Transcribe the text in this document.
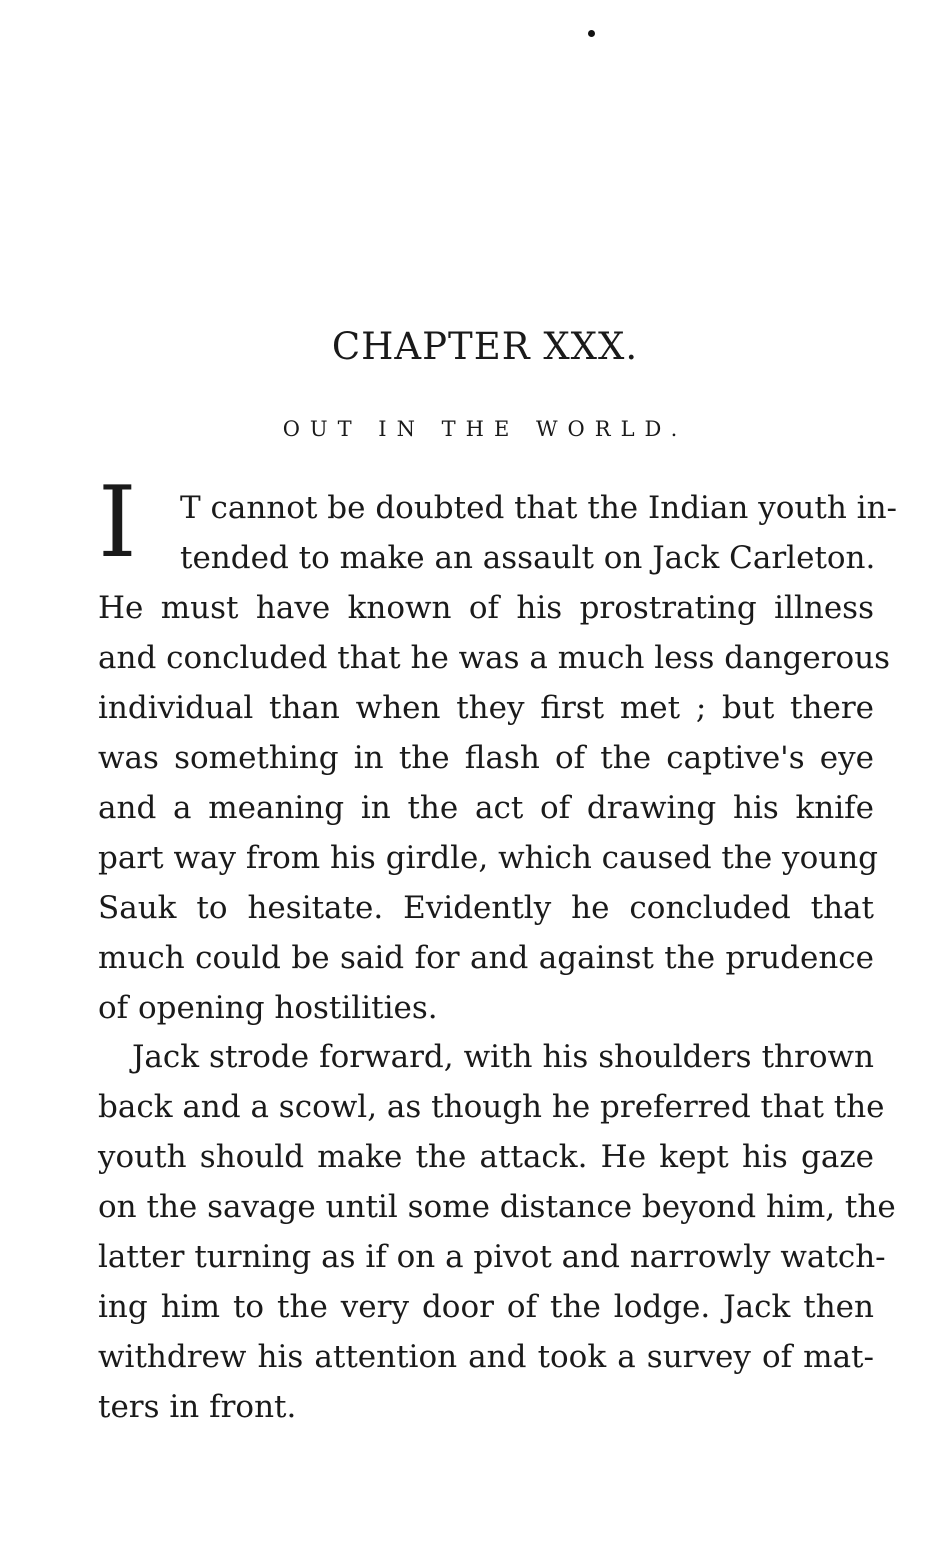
CHAPTER XXX.
OUT IN THE WORLD.
I	T cannot be doubted that the Indian youth in-
tended to make an assault on Jack Carleton.
He must have known of his prostrating illness
and concluded that he was a much less dangerous
individual than when they first met ; but there
was something in the flash of the captive's eye
and a meaning in the act of drawing his knife
part way from his girdle, which caused the young
Sauk to hesitate. Evidently he concluded that
much could be said for and against the prudence
of opening hostilities.
Jack strode forward, with his shoulders thrown
back and a scowl, as though he preferred that the
youth should make the attack. He kept his gaze
on the savage until some distance beyond him, the
latter turning as if on a pivot and narrowly watch-
ing him to the very door of the lodge. Jack then
withdrew his attention and took a survey of mat-
ters in front.
